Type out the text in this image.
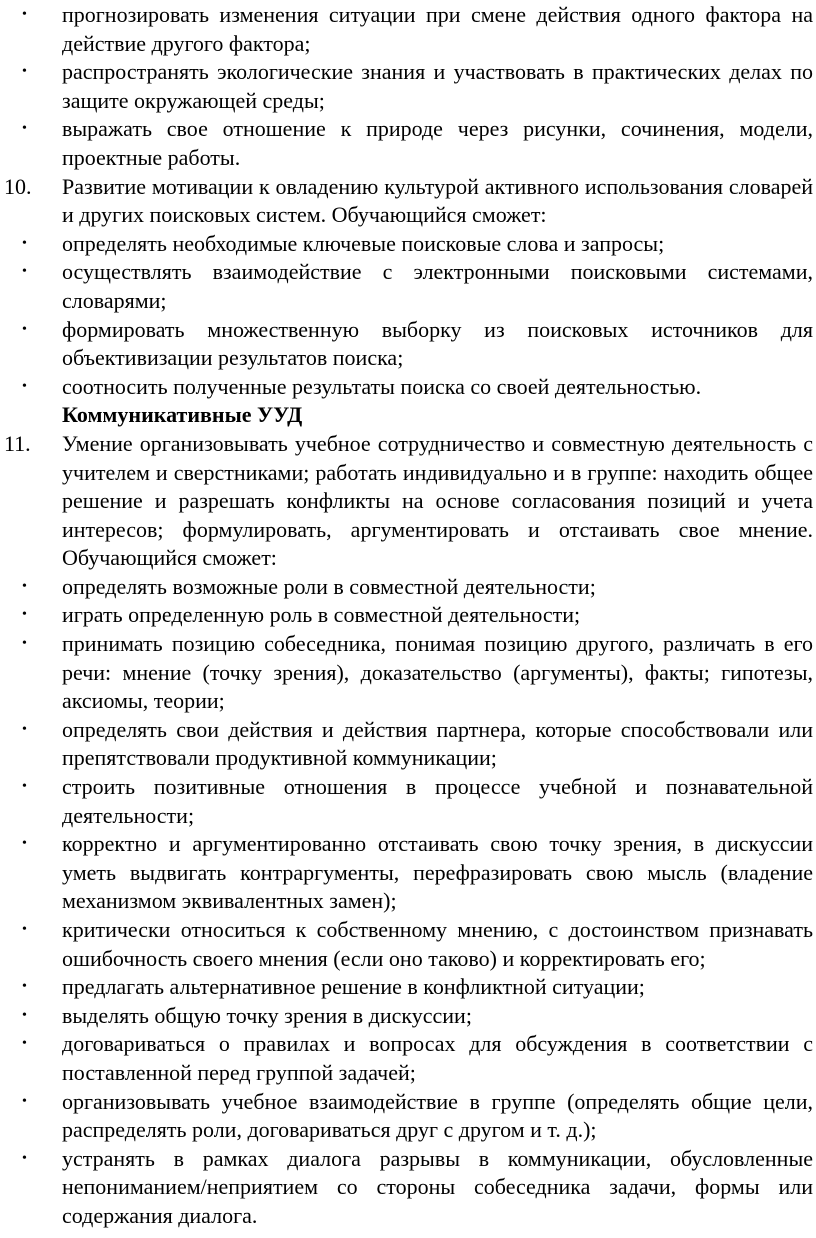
• прогнозировать изменения ситуации при смене действия одного фактора на действие другого фактора;
• распространять экологические знания и участвовать в практических делах по защите окружающей среды;
• выражать свое отношение к природе через рисунки, сочинения, модели, проектные работы.
10. Развитие мотивации к овладению культурой активного использования словарей и других поисковых систем. Обучающийся сможет:
• определять необходимые ключевые поисковые слова и запросы;
• осуществлять взаимодействие с электронными поисковыми системами, словарями;
• формировать множественную выборку из поисковых источников для объективизации результатов поиска;
• соотносить полученные результаты поиска со своей деятельностью.
Коммуникативные УУД
11. Умение организовывать учебное сотрудничество и совместную деятельность с учителем и сверстниками; работать индивидуально и в группе: находить общее решение и разрешать конфликты на основе согласования позиций и учета интересов; формулировать, аргументировать и отстаивать свое мнение. Обучающийся сможет:
• определять возможные роли в совместной деятельности;
• играть определенную роль в совместной деятельности;
• принимать позицию собеседника, понимая позицию другого, различать в его речи: мнение (точку зрения), доказательство (аргументы), факты; гипотезы, аксиомы, теории;
• определять свои действия и действия партнера, которые способствовали или препятствовали продуктивной коммуникации;
• строить позитивные отношения в процессе учебной и познавательной деятельности;
• корректно и аргументированно отстаивать свою точку зрения, в дискуссии уметь выдвигать контраргументы, перефразировать свою мысль (владение механизмом эквивалентных замен);
• критически относиться к собственному мнению, с достоинством признавать ошибочность своего мнения (если оно таково) и корректировать его;
• предлагать альтернативное решение в конфликтной ситуации;
• выделять общую точку зрения в дискуссии;
• договариваться о правилах и вопросах для обсуждения в соответствии с поставленной перед группой задачей;
• организовывать учебное взаимодействие в группе (определять общие цели, распределять роли, договариваться друг с другом и т. д.);
• устранять в рамках диалога разрывы в коммуникации, обусловленные непониманием/неприятием со стороны собеседника задачи, формы или содержания диалога.
